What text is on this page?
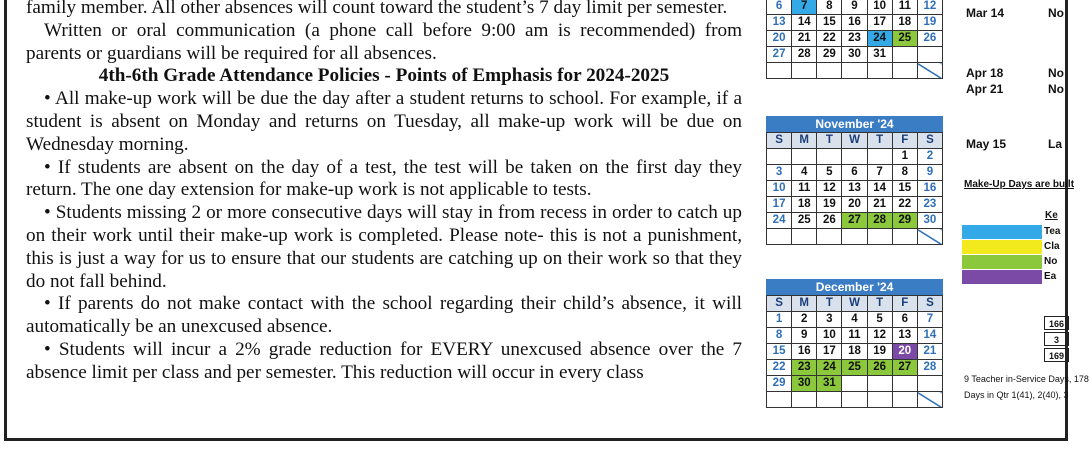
family member. All other absences will count toward the student’s 7 day limit per semester.

Written or oral communication (a phone call before 9:00 am is recommended) from parents or guardians will be required for all absences.

4th-6th Grade Attendance Policies - Points of Emphasis for 2024-2025

• All make-up work will be due the day after a student returns to school. For example, if a student is absent on Monday and returns on Tuesday, all make-up work will be due on Wednesday morning.

• If students are absent on the day of a test, the test will be taken on the first day they return. The one day extension for make-up work is not applicable to tests.

• Students missing 2 or more consecutive days will stay in from recess in order to catch up on their work until their make-up work is completed. Please note- this is not a punishment, this is just a way for us to ensure that our students are catching up on their work so that they do not fall behind.

• If parents do not make contact with the school regarding their child’s absence, it will automatically be an unexcused absence.

• Students will incur a 2% grade reduction for EVERY unexcused absence over the 7 absence limit per class and per semester. This reduction will occur in every class

6	7	8	9	10	11	12
13	14	15	16	17	18	19
20	21	22	23	24	25	26
27	28	29	30	31		

November '24
S	M	T	W	T	F	S
					1	2
3	4	5	6	7	8	9
10	11	12	13	14	15	16
17	18	19	20	21	22	23
24	25	26	27	28	29	30

December '24
S	M	T	W	T	F	S
1	2	3	4	5	6	7
8	9	10	11	12	13	14
15	16	17	18	19	20	21
22	23	24	25	26	27	28
29	30	31				

Mar 14	No
Apr 18	No
Apr 21	No
May 15	La
Make-Up Days are built
Ke
Tea
Cla
No
Ea
166
3
169
9 Teacher in-Service Days, 178
Days in Qtr 1(41), 2(40), 3
